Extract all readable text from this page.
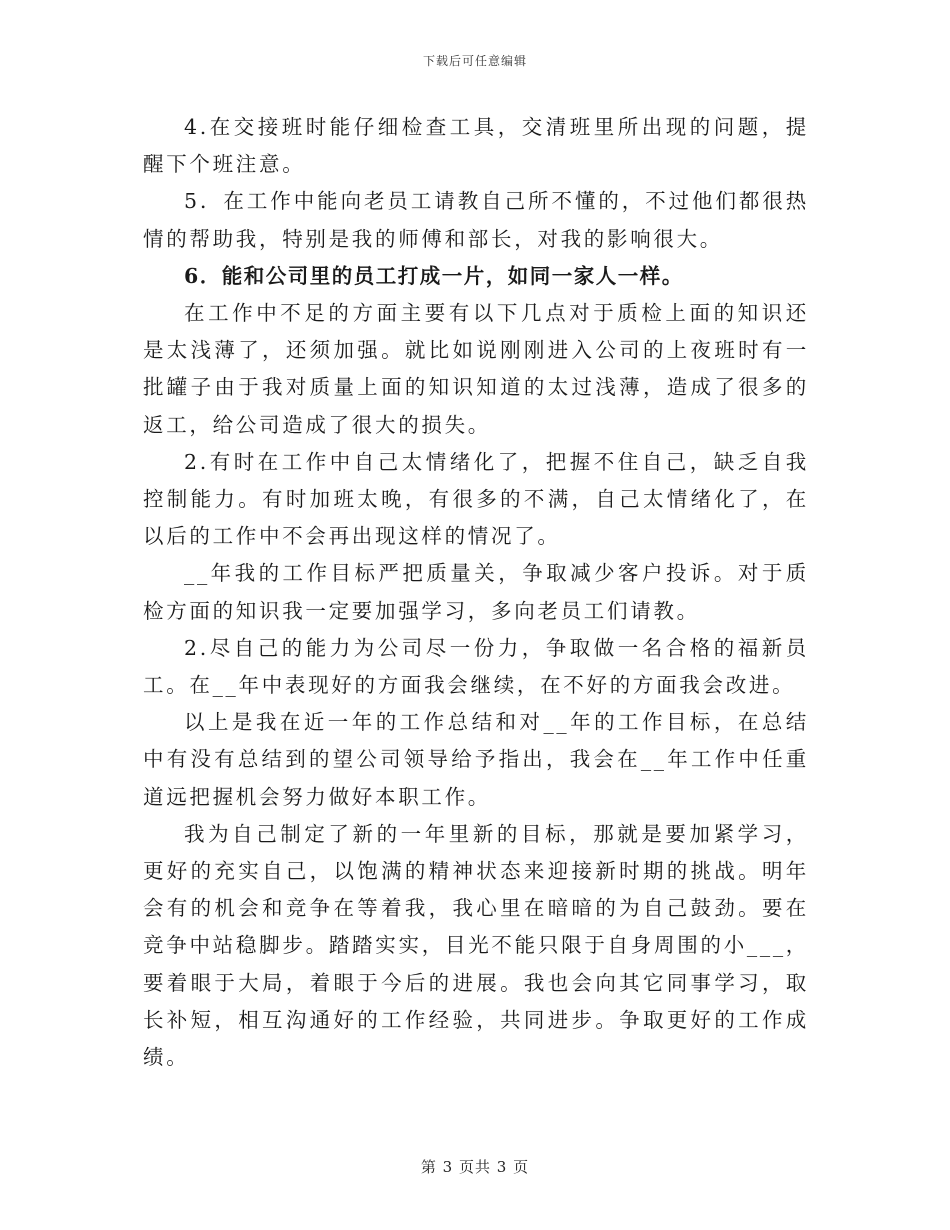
下载后可任意编辑

4.在交接班时能仔细检查工具，交清班里所出现的问题，提醒下个班注意。

5．在工作中能向老员工请教自己所不懂的，不过他们都很热情的帮助我，特别是我的师傅和部长，对我的影响很大。

6．能和公司里的员工打成一片，如同一家人一样。

在工作中不足的方面主要有以下几点对于质检上面的知识还是太浅薄了，还须加强。就比如说刚刚进入公司的上夜班时有一批罐子由于我对质量上面的知识知道的太过浅薄，造成了很多的返工，给公司造成了很大的损失。

2.有时在工作中自己太情绪化了，把握不住自己，缺乏自我控制能力。有时加班太晚，有很多的不满，自己太情绪化了，在以后的工作中不会再出现这样的情况了。

__年我的工作目标严把质量关，争取减少客户投诉。对于质检方面的知识我一定要加强学习，多向老员工们请教。

2.尽自己的能力为公司尽一份力，争取做一名合格的福新员工。在__年中表现好的方面我会继续，在不好的方面我会改进。

以上是我在近一年的工作总结和对__年的工作目标，在总结中有没有总结到的望公司领导给予指出，我会在__年工作中任重道远把握机会努力做好本职工作。

我为自己制定了新的一年里新的目标，那就是要加紧学习，更好的充实自己，以饱满的精神状态来迎接新时期的挑战。明年会有的机会和竞争在等着我，我心里在暗暗的为自己鼓劲。要在竞争中站稳脚步。踏踏实实，目光不能只限于自身周围的小___，要着眼于大局，着眼于今后的进展。我也会向其它同事学习，取长补短，相互沟通好的工作经验，共同进步。争取更好的工作成绩。

第 3 页共 3 页
